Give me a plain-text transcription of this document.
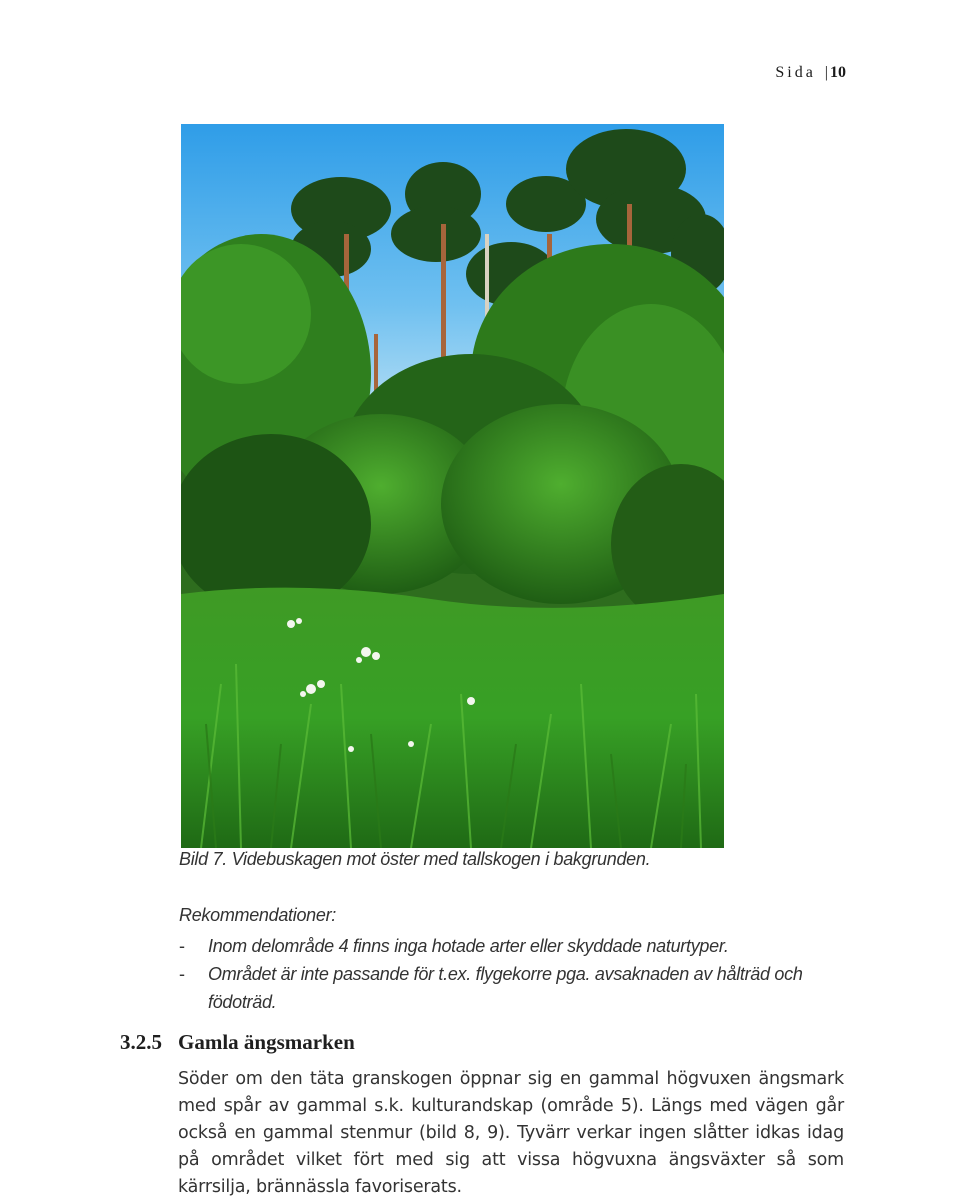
Sida | 10
Bild 7. Videbuskagen mot öster med tallskogen i bakgrunden.
Rekommendationer:
- Inom delområde 4 finns inga hotade arter eller skyddade naturtyper.
- Området är inte passande för t.ex. flygekorre pga. avsaknaden av hålträd och födoträd.
3.2.5 Gamla ängsmarken
Söder om den täta granskogen öppnar sig en gammal högvuxen ängsmark med spår av gammal s.k. kulturandskap (område 5). Längs med vägen går också en gammal stenmur (bild 8, 9). Tyvärr verkar ingen slåtter idkas idag på området vilket fört med sig att vissa högvuxna ängsväxter så som kärrsilja, brännässla favoriserats.
